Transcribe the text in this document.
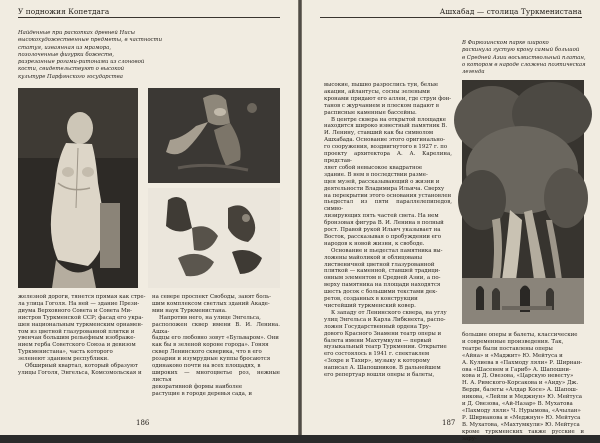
У подножия Копетдага
Найденные при раскопках древней Нисы
высокохудожественные предметы, в частности
статуя, изваянная из мрамора,
позолоченные фигурки божеств,
разрезанные рогами-ритонами из слоновой
кости, свидетельствуют о высокой
культуре Парфянского государства

железной дороги, тянется прямая как стре-

ла улица Гоголя. На ней — здание Прези-

диума Верховного Совета и Совета Ми-

нистров Туркменской ССР; фасад его укра-

шен национальным туркменским орнамен-

том из цветной глазурованной плитки и

увенчан большим рельефным изображе-

нием герба Советского Союза и девизом

Туркменистана», часть которого

зеленеют зданием республики.

Обширный квартал, который образуют

улицы Гоголя, Энгельса, Комсомольская и

на севере проспект Свободы, занят боль-

шим комплексом светлых зданий Акаде-

мии наук Туркменистана.

Напротив него, на улице Энгельса,

расположен сквер имени В. И. Ленина. Ашха-

бадцы его любовно зовут «Бульваром». Они

как бы в зеленой короне города». Гоняя

сквер Ленинского скверика, что в его

розарии и изумрудные куппы бросаются

одинаково почти на всех площадях, в

широких — многоцветье роз, нежные листья

декоративной формы наиболее

растущие в городе деревья сада, и

186
Ашхабад — столица Туркменистана

высокие, пышно разрослись туи, белые

акации, айлантусы, сосны зелеными

кронами придают его аллеи, где струи фон-

танов с журчанием и плеском падают в

расписные каменные бассейны.

В центре сквера на открытой площадке

находится широко известный памятник В.

И. Ленину, ставший как бы символом

Ашхабада. Основание этого оригинально-

го сооружения, воздвигнутого в 1927 г. по

проекту архитектора А. А. Карелина, представ-

ляет собой невысокое квадратное

здание. В нем в последствии разме-

щен музей, рассказывающий о жизни и

деятельности Владимира Ильича. Сверху

на перекрытии этого основания установлен

пьедестал из пяти параллелепипедов, симво-

лизирующих пять частей света. На нем

бронзовая фигура В. И. Ленина в полный

рост. Правой рукой Ильич указывает на

Восток, рассказывая о пробуждении его

народов к новой жизни, к свободе.

Основание и пьедестал памятника вы-

ложены майоликой и облицованы

лиственичной цветной глазурованной

плиткой — каменной, ставшей традици-

онным элементом в Средней Азии, а по-

верху памятника на площади находятся

шесть досок с большими текстами дек-

ретов, созданных в конструкции

чистейший туркменский ковер.

К западу от Ленинского сквера, на углу

улиц Энгельса и Карла Либкнехта, распо-

ложен Государственный ордена Тру-

дового Красного Знамени театр оперы и

балета имени Махтумкули — первый

музыкальный театр Туркмении. Открытие

его состоялось в 1941 г. спектаклем

«Зохре и Тахир», музыку к которому

написал А. Шапошников. В дальнейшем

его репертуар вошли оперы и балеты,

В Фирюзинском парке широко
раскинула густую крону самый большой
в Средней Азии восьмиствольный платан,
о котором в народе сложена поэтическая
легенда

большие оперы и балеты, классические

и современные произведения. Так,

театре были поставлены оперы

«Айна» и «Маджит» Ю. Мейтуса и

А. Кулиева в «Пахмоду ляли» Р. Ширнан-

ова «Шасенем и Гариб» А. Шапошни-

кова и Д. Овезова, «Царскую невесту»

Н. А. Римского-Корсакова и «Аиду» Дж.

Верди, балеты «Алдар Косе» А. Шапош-

никова, «Лейли и Меджнун» Ю. Мейтуса

и Д. Овезова, «Ай-Назар» В. Мухатова

«Пахмоду ляли» Ч. Нурымова, «Ачылан»

Р. Ширнанова и «Меджнун» Ю. Мейтуса

В. Мухатова, «Махтумкули» Ю. Мейтуса

кроме туркменских также русские и зару-

187
